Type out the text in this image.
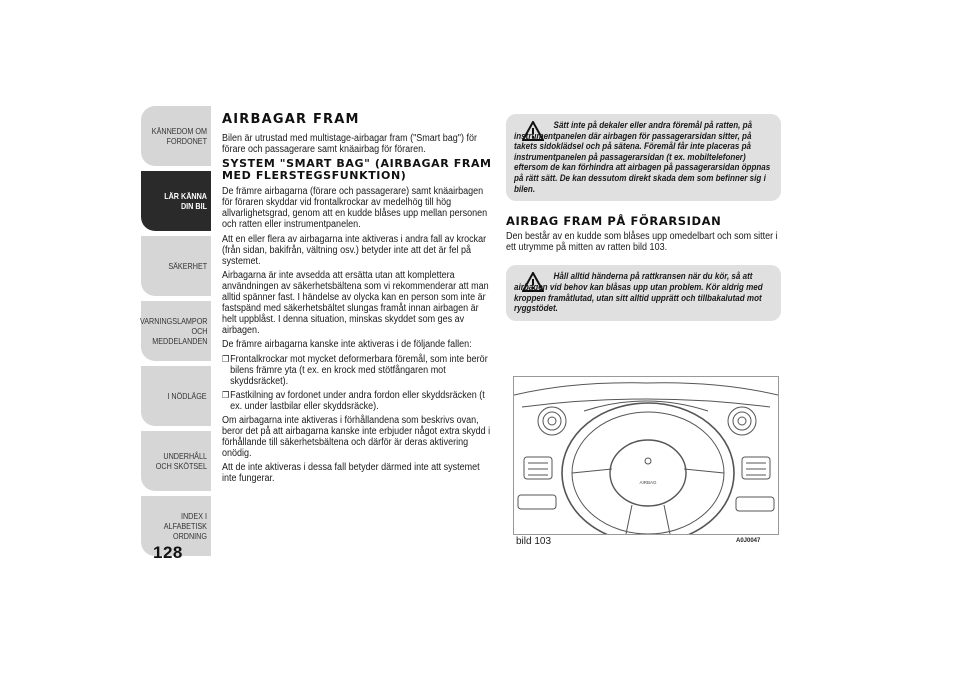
KÄNNEDOM OM FORDONET
LÄR KÄNNA DIN BIL
SÄKERHET
VARNINGSLAMPOR OCH MEDDELANDEN
I NÖDLÄGE
UNDERHÅLL OCH SKÖTSEL
INDEX I ALFABETISK ORDNING
128
AIRBAGAR FRAM
Bilen är utrustad med multistage-airbagar fram ("Smart bag") för förare och passagerare samt knäairbag för föraren.
SYSTEM "SMART BAG" (AIRBAGAR FRAM MED FLERSTEGSFUNKTION)
De främre airbagarna (förare och passagerare) samt knäairbagen för föraren skyddar vid frontalkrockar av medelhög till hög allvarlighetsgrad, genom att en kudde blåses upp mellan personen och ratten eller instrumentpanelen.
Att en eller flera av airbagarna inte aktiveras i andra fall av krockar (från sidan, bakifrån, vältning osv.) betyder inte att det är fel på systemet.
Airbagarna är inte avsedda att ersätta utan att komplettera användningen av säkerhetsbältena som vi rekommenderar att man alltid spänner fast. I händelse av olycka kan en person som inte är fastspänd med säkerhetsbältet slungas framåt innan airbagen är helt uppblåst. I denna situation, minskas skyddet som ges av airbagen.
De främre airbagarna kanske inte aktiveras i de följande fallen:
❒ Frontalkrockar mot mycket deformerbara föremål, som inte berör bilens främre yta (t ex. en krock med stötfångaren mot skyddsräcket).
❒ Fastkilning av fordonet under andra fordon eller skyddsräcken (t ex. under lastbilar eller skyddsräcke).
Om airbagarna inte aktiveras i förhållandena som beskrivs ovan, beror det på att airbagarna kanske inte erbjuder något extra skydd i förhållande till säkerhetsbältena och därför är deras aktivering onödig.
Att de inte aktiveras i dessa fall betyder därmed inte att systemet inte fungerar.
Sätt inte på dekaler eller andra föremål på ratten, på instrumentpanelen där airbagen för passagerarsidan sitter, på takets sidoklädsel och på sätena. Föremål får inte placeras på instrumentpanelen på passagerarsidan (t ex. mobiltelefoner) eftersom de kan förhindra att airbagen på passagerarsidan öppnas på rätt sätt. De kan dessutom direkt skada dem som befinner sig i bilen.
AIRBAG FRAM PÅ FÖRARSIDAN
Den består av en kudde som blåses upp omedelbart och som sitter i ett utrymme på mitten av ratten bild 103.
Håll alltid händerna på rattkransen när du kör, så att airbagen vid behov kan blåsas upp utan problem. Kör aldrig med kroppen framåtlutad, utan sitt alltid upprätt och tillbakalutad mot ryggstödet.
AIRBAG
bild 103	A0J0047
